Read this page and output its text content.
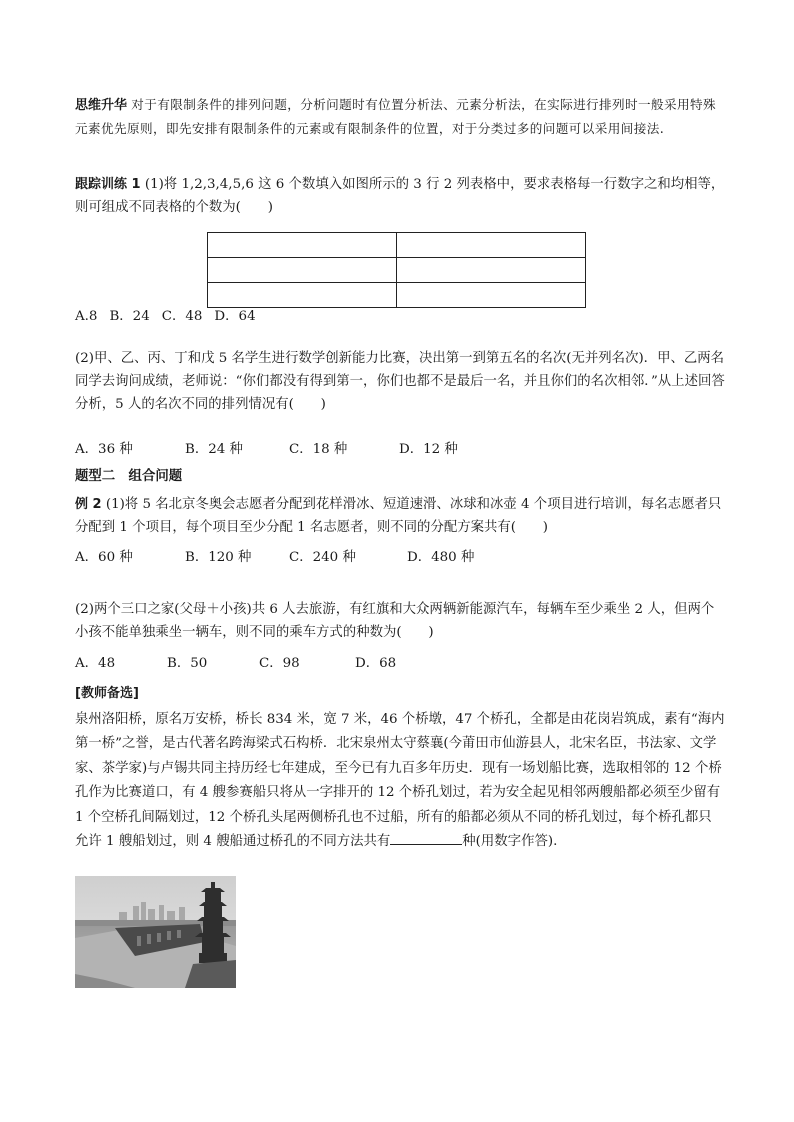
思维升华 对于有限制条件的排列问题，分析问题时有位置分析法、元素分析法，在实际进行排列时一般采用特殊元素优先原则，即先安排有限制条件的元素或有限制条件的位置，对于分类过多的问题可以采用间接法.
跟踪训练 1 (1)将 1,2,3,4,5,6 这 6 个数填入如图所示的 3 行 2 列表格中，要求表格每一行数字之和均相等，则可组成不同表格的个数为(　　)

A.8 B．24 C．48 D．64
(2)甲、乙、丙、丁和戊 5 名学生进行数学创新能力比赛，决出第一到第五名的名次(无并列名次)．甲、乙两名同学去询问成绩，老师说：“你们都没有得到第一，你们也都不是最后一名，并且你们的名次相邻．”从上述回答分析，5 人的名次不同的排列情况有(　　)
A．36 种	B．24 种	C．18 种	D．12 种
题型二　组合问题
例 2 (1)将 5 名北京冬奥会志愿者分配到花样滑冰、短道速滑、冰球和冰壶 4 个项目进行培训，每名志愿者只分配到 1 个项目，每个项目至少分配 1 名志愿者，则不同的分配方案共有(　　)
A．60 种	B．120 种	C．240 种	D．480 种
(2)两个三口之家(父母＋小孩)共 6 人去旅游，有红旗和大众两辆新能源汽车，每辆车至少乘坐 2 人，但两个小孩不能单独乘坐一辆车，则不同的乘车方式的种数为(　　)
A．48	B．50	C．98	D．68
[教师备选]
泉州洛阳桥，原名万安桥，桥长 834 米，宽 7 米，46 个桥墩，47 个桥孔，全都是由花岗岩筑成，素有“海内第一桥”之誉，是古代著名跨海梁式石构桥．北宋泉州太守蔡襄(今莆田市仙游县人，北宋名臣，书法家、文学家、茶学家)与卢锡共同主持历经七年建成，至今已有九百多年历史．现有一场划船比赛，选取相邻的 12 个桥孔作为比赛道口，有 4 艘参赛船只将从一字排开的 12 个桥孔划过，若为安全起见相邻两艘船都必须至少留有 1 个空桥孔间隔划过，12 个桥孔头尾两侧桥孔也不过船，所有的船都必须从不同的桥孔划过，每个桥孔都只允许 1 艘船划过，则 4 艘船通过桥孔的不同方法共有	种(用数字作答).
